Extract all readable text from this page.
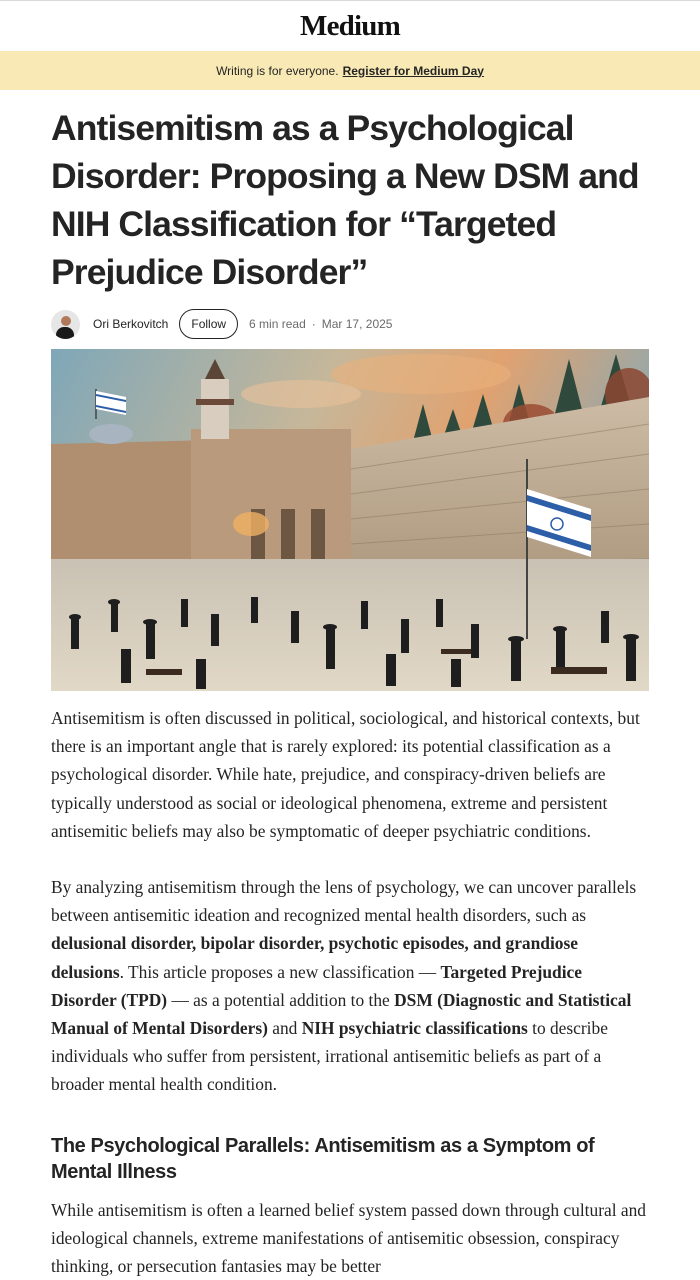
Medium
Writing is for everyone. Register for Medium Day
Antisemitism as a Psychological Disorder: Proposing a New DSM and NIH Classification for “Targeted Prejudice Disorder”
Ori Berkovitch	Follow	6 min read · Mar 17, 2025

Antisemitism is often discussed in political, sociological, and historical contexts, but there is an important angle that is rarely explored: its potential classification as a psychological disorder. While hate, prejudice, and conspiracy-driven beliefs are typically understood as social or ideological phenomena, extreme and persistent antisemitic beliefs may also be symptomatic of deeper psychiatric conditions.

By analyzing antisemitism through the lens of psychology, we can uncover parallels between antisemitic ideation and recognized mental health disorders, such as delusional disorder, bipolar disorder, psychotic episodes, and grandiose delusions. This article proposes a new classification — Targeted Prejudice Disorder (TPD) — as a potential addition to the DSM (Diagnostic and Statistical Manual of Mental Disorders) and NIH psychiatric classifications to describe individuals who suffer from persistent, irrational antisemitic beliefs as part of a broader mental health condition.

The Psychological Parallels: Antisemitism as a Symptom of Mental Illness

While antisemitism is often a learned belief system passed down through cultural and ideological channels, extreme manifestations of antisemitic obsession, conspiracy thinking, or persecution fantasies may be better
